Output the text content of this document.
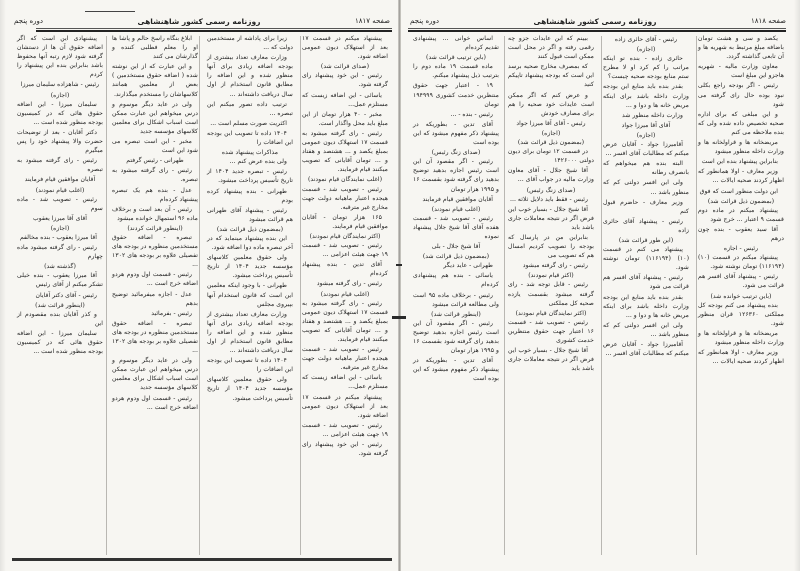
صفحه ۱۸۱۷
روزنامه رسمی کشور شاهنشاهی
دوره پنجم

پیشنهاد میکنم در قسمت ۱۷ بعد از استهلاک دیون عمومی اضافه شود.

(صدای قرائت شد)

رئیس - این خود پیشنهاد رای گرفته شود.

یاسائی - این اضافه زیست که مستلزم عمل...

مخبر - ۴۰ هزار تومان از این مبلغ باید محل واگذار است.

رئیس - رای گرفته میشود به قسمت ۱۷ استهلاک دیون عمومی بمبلغ یکصد و ... هشتصد و هفتاد و ... تومان آقایانی که تصویب میکنند قیام فرمایند.

(اغلب نمایندگان قیام نمودند)

رئیس - تصویب شد - قسمت هیجده اعتبار ماهیانه دولت جهت مخارج غیر مترقبه.

۱۶۵ هزار تومان - آقایان موافقین قیام فرمایند.

(اکثر نمایندگان قیام نمودند)

رئیس - تصویب شد - قسمت ۱۹ جهت هیئت اعزامی ...

آقای تدین - بنده پیشنهاد کرده‌ام

رئیس - رای گرفته میشود

(اغلب قیام نمودند)

رئیس - رای گرفته میشود به قسمت ۱۷ استهلاک دیون عمومی بمبلغ یکصد و ... هشتصد و هفتاد و ... تومان آقایانی که تصویب میکنند قیام فرمایند.

رئیس - تصویب شد - قسمت هیجده اعتبار ماهیانه دولت جهت مخارج غیر مترقبه.

یاسائی - این اضافه زیست که مستلزم عمل...

پیشنهاد میکنم در قسمت ۱۷ بعد از استهلاک دیون عمومی اضافه شود.

رئیس - تصویب شد - قسمت ۱۹ جهت هیئت اعزامی ...

رئیس - این خود پیشنهاد رای گرفته شود.

زیرا برای پاداشه از مستخدمین دولت که ...

وزارت معارف تعداد بیشتری از بودجه اضافه زیادی برای آنها منظور شده و این اضافه را مطابق قانون استخدام از اول سال دریافت داشته‌اند ...

ترتیب داده تصور میکنم این تبصره ...

اکثریت صورت مسلم است ...

۱۴۰۴ داده تا تصویب این بودجه این اضافات را

مذاکرات پیشنهاد شده

ولی بنده عرض کنم ...

رئیس - تبصره جدید ۱۴۰۴ از تاریخ تأسیس پرداخت میشود.

طهرانی - بنده پیشنهاد کرده بودم

رئیس - پیشنهاد آقای طهرانی هم قرائت میشود

(بمضمون ذیل قرائت شد)

این بنده پیشنهاد مینماید که در آخر تبصره ماده دوا اضافه شود.

ولی حقوق معلمین کلاسهای مؤسسه جدید ۱۴۰۴ از تاریخ تأسیس پرداخت میشود.

طهرانی - با وجود اینکه معلمین این است که قانون استخدام آنها بپیروی مجلس

وزارت معارف تعداد بیشتری از بودجه اضافه زیادی برای آنها منظور شده و این اضافه را مطابق قانون استخدام از اول سال دریافت داشته‌اند ...

۱۴۰۴ داده تا تصویب این بودجه این اضافات را

ولی حقوق معلمین کلاسهای مؤسسه جدید ۱۴۰۴ از تاریخ تأسیس پرداخت میشود.

ابلاغ بنگاه راسخ حالم و پاشا ها او را معلم فطلبی کننده و گذارشان می کنند

و این عبارت که از این نوشته شده ( اضافه حقوق مستخدمین ) بعض از معلمین همانند کلاسهاشان را مستخدم میگذارند.

ولی در عاید دیگر موسوم و درس میخواهم این عبارت ممکن است اسباب اشکال برای معلمین کلاسهای مؤسسه جدید

مخبر - این است تبصره می شود این است

طهرانی - رئیس گرفتم

رئیس - رای گرفته میشود به تبصره.

عدل - بنده هم یک تبصره پیشنهاد کرده‌ام

رئیس - آن بعد است و برخلاف ماده ۹۶ استمهال خوانده میشود

(اینطور قرائت کردند)

تبصره - اضافه حقوق مستخدمین منظوره در بودجه های تفصیلی علاوه بر بودجه های ۱۳۰۲ ...

رئیس - قسمت اول ودوم هردو اضافه خرج است ...

عدل - اجازه میفرمائید توضیح بدهم

رئیس - بفرمائید

تبصره - اضافه حقوق مستخدمین منظوره در بودجه های تفصیلی علاوه بر بودجه های ۱۳۰۲ ...

ولی در عاید دیگر موسوم و درس میخواهم این عبارت ممکن است اسباب اشکال برای معلمین کلاسهای مؤسسه جدید

رئیس - قسمت اول ودوم هردو اضافه خرج است ...

پیشنهادی این است که اگر اضافه حقوق آن ها از دستشان گرفته شود لازم رتبه آنها محفوظ باشد بنابراین بنده این پیشنهاد را کردم

رئیس - شاهزاده سلیمان میرزا
(اجازه)

سلیمان میرزا - این اضافه حقوق هائی که در کمیسیون بودجه منظور شده است ...

دکتر آقایان - بعد از توضیحات حضرت والا پیشنهاد خود را پس میگیرم

رئیس - رای گرفته میشود به تبصره

آقایان موافقین قیام فرمایند
(اغلب قیام نمودند)

رئیس - تصویب شد - ماده سوم

آقای آقا میرزا یعقوب
(اجازه)

آقا میرزا یعقوب - بنده مخالفم

رئیس - رای گرفته میشود ماده چهارم

(گذشته شد)

آقا میرزا یعقوب - بنده خیلی تشکر میکنم از آقای رئیس

رئیس - آقای دکتر آقایان

(اینطور قرائت شد)

و کذر آقایان بنده مقصودم از این

سلیمان میرزا - این اضافه حقوق هائی که در کمیسیون بودجه منظور شده است ...

صفحه ۱۸۱۸
روزنامه رسمی کشور شاهنشاهی
دوره پنجم

یکصد و سی و هشت تومان باضافه مبلغ مرتبط به شهریه ها و آن تابعی گذاشته گردد.

معاون وزارت مالیه - شهریه هاجزو این مبلغ است

رئیس - اگر بودجه راجع بکلی نبود بوده حال رای گرفته می شود

و این مبلغی که برای اداره صحیه تخصیص داده شده ولی که بنده ملاحظه می کنم

مریضخانه ها و قراولخانه ها و وزارت داخله منظور میشود

بنابراین پیشنهاد بنده این است

وزیر معارف - اولا همانطور که اظهار کردند صحیه ایالات ...

این دولت منظور است که فوق

(بمضمون ذیل قرائت شد)

پیشنهاد میکنم در ماده دوم قسمت ۹ اعتبار ... خرج شود

آقا سید یعقوب - بنده چون درهم

رئیس - اجازه

پیشنهاد میکنم در قسمت (۱۰) (۱۱۶۱۹۴) تومان نوشته شود.

رئیس - پیشنهاد آقای افسر هم قرائت می شود.

(باین ترتیب خوانده شد)

بنده پیشنهاد می کنم بودجه کل مملکتی ۱۲۶۳۶۰ قران منظور شود.

مریضخانه ها و قراولخانه ها و وزارت داخله منظور میشود

وزیر معارف - اولا همانطور که اظهار کردند صحیه ایالات ...

رئیس - آقای حائری زاده
(اجازه)

حائری زاده - بنده تو اینکه مراتب را کم کرد او لا مطرح ستم منابع بودجه صحیه چیست؟

بقدر بنده باید منابع این بودجه وزارت داخله باشد برای اینکه مریض خانه ها و دوا و ...

وزارت داخله منظور شد

آقای آقا میرزا جواد
(اجازه)

آقامیرزا جواد - آقایان عرض میکنم که مطالبات آقای افسر ...

البته بنده هم میخواهم که بانصرف رطانه

ولی این افسر دولتی کم که منظور باشد ...

وزیر معارف - حاضرم قبول کنم

رئیس - پیشنهاد آقای حائری زاده

(این طور قرائت شد)

پیشنهاد می کنم در قسمت (۱۰) (۱۱۶۱۹۴) تومان نوشته شود.

رئیس - پیشنهاد آقای افسر هم قرائت می شود

بقدر بنده باید منابع این بودجه وزارت داخله باشد برای اینکه مریض خانه ها و دوا و ...

ولی این افسر دولتی کم که منظور باشد ...

آقامیرزا جواد - آقایان عرض میکنم که مطالبات آقای افسر ...

بیینم که این عایدات جزو چه رقمی رفته و اگر در محل است ممکن است قبول کنند

که بمصرف مخارج صحیه برسد این است که بودجه پیشنهاد تاپیکم کنید

و عرض کنم که اگر ممکن است عایدات خود صحیه را هم برای مصارف خودش

رئیس - آقای آقا میرزا جواد
(اجازه)
(بمضمون ذیل قرائت شد)

در قسمت ۱۲ تومان برای دیون دولتی ۱۴۲۶۰۰۰

آقا شیخ جلال - آقای معاون وزارت مالیه در جواب آقای ...

(صدای زنگ رئیس)

رئیس - فقط باید دلایل ثلاثه ...

آقا شیخ جلال - بسیار خوب این فرض اگر در نتیجه معاملات جاری باشد باید

بنابراین من در پارسال که بودجه را تصویب کردیم امسال هم که تصویب می

رئیس - رای گرفته میشود

(اکثر قیام نمودند)

رئیس - قابل توجه شد - رای گرفته میشود بقسمت یازده صحیه کل مملکتی

(اکثر نمایندگان قیام نمودند)

رئیس - تصویب شد - قسمت ۱۶ اعتبار جهت حقوق منتظرین خدمت کشوری

آقا شیخ جلال - بسیار خوب این فرض اگر در نتیجه معاملات جاری باشد باید

اساس خوانی ... پیشنهادی تقدیم کرده‌ام

(باین ترتیب قرائت شد)

ماده قسمت ۱۹ ماده دوم را بترتیب ذیل پیشنهاد میکنم.

۱۹ - اعتبار جهت حقوق منتظرین خدمت کشوری ۱۹۴۹۹۹ تومان

رئیس - بنده - ...

آقای تدین - بطوریکه در پیشنهاد ذکر مفهوم میشود که این بوده است

(صدای زنگ رئیس)

رئیس - اگر مقصود آن این است رئیس اجازه بدهید توضیح بدهید رای گرفته شود بقسمت ۱۶ و ۱۹۹۵ هزار تومان

آقایان موافقین قیام فرمایند

(اغلب قیام نمودند)

رئیس - تصویب شد - قسمت هفده آقای آقا شیخ جلال پیشنهاد نموده

آقا شیخ جلال - بلی
(بمضمون ذیل قرائت شد)

طهرانی - عاید دیگر

یاسائی - بنده هم پیشنهادی کرده‌ام

رئیس - برخلاف ماده ۹۵ است ولی مطالعه قرائت میشود

(اینطور قرائت شد)

رئیس - اگر مقصود آن این است رئیس اجازه بدهید توضیح بدهید رای گرفته شود بقسمت ۱۶ و ۱۹۹۵ هزار تومان

آقای تدین - بطوریکه در پیشنهاد ذکر مفهوم میشود که این بوده است
